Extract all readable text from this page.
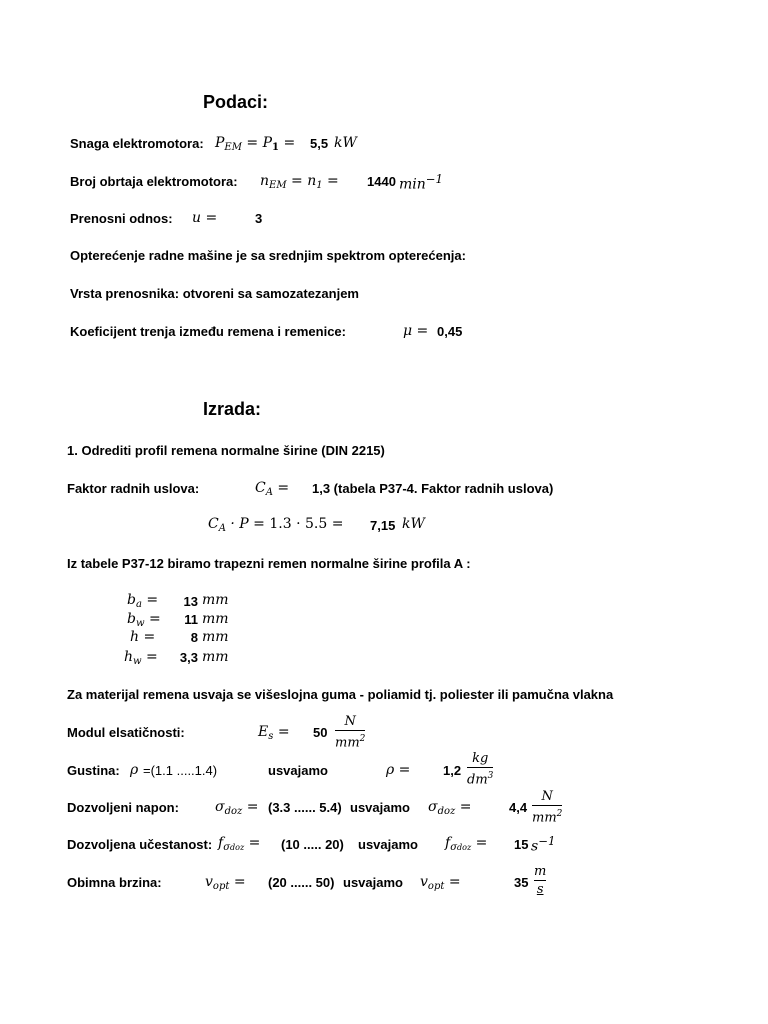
Podaci:
Snaga elektromotora: $P_{EM} = P_1 = 5,5$ kW
Broj obrtaja elektromotora: $n_{EM} = n_1 = 1440$ $\min^{-1}$
Prenosni odnos: u =	3
Opterećenje radne mašine je sa srednjim spektrom opterećenja:
Vrsta prenosnika: otvoreni sa samozatezanjem
Koeficijent trenja između remena i remenice:	μ = 0,45
Izrada:
1. Odrediti profil remena normalne širine (DIN 2215)
Faktor radnih uslova:	$C_A = 1,3$ (tabela P37-4. Faktor radnih uslova)
$C_A \cdot P = 1.3 \cdot 5.5 = 7,15$ kW
Iz tabele P37-12 biramo trapezni remen normalne širine profila A :
$b_a = 13$ mm
$b_w$ =	11 mm
h =	8 mm
$h_w$ =	3,3 mm
Za materijal remena usvaja se višeslojna guma - poliamid tj. poliester ili pamučna vlakna
Modul elsatičnosti:	$E_s = 50$
N
$mm^2$
Gustina: ρ =(1.1 .....1.4)	usvajamo	ρ =	1,2
kg
$dm^3$
Dozvoljeni napon:	$\sigma_{doz} = (3.3$ ...... 5.4) usvajamo $\sigma_{doz}$ =	4,4
N
$mm^2$
Dozvoljena učestanost: $f_{\sigma doz} = (10$ ..... 20) usvajamo $f_{\sigma doz} = 15$ $s^{-1}$
Obimna brzina:	$v_{opt} = (20$ ...... 50) usvajamo $v_{opt}$ =	35
m
s
